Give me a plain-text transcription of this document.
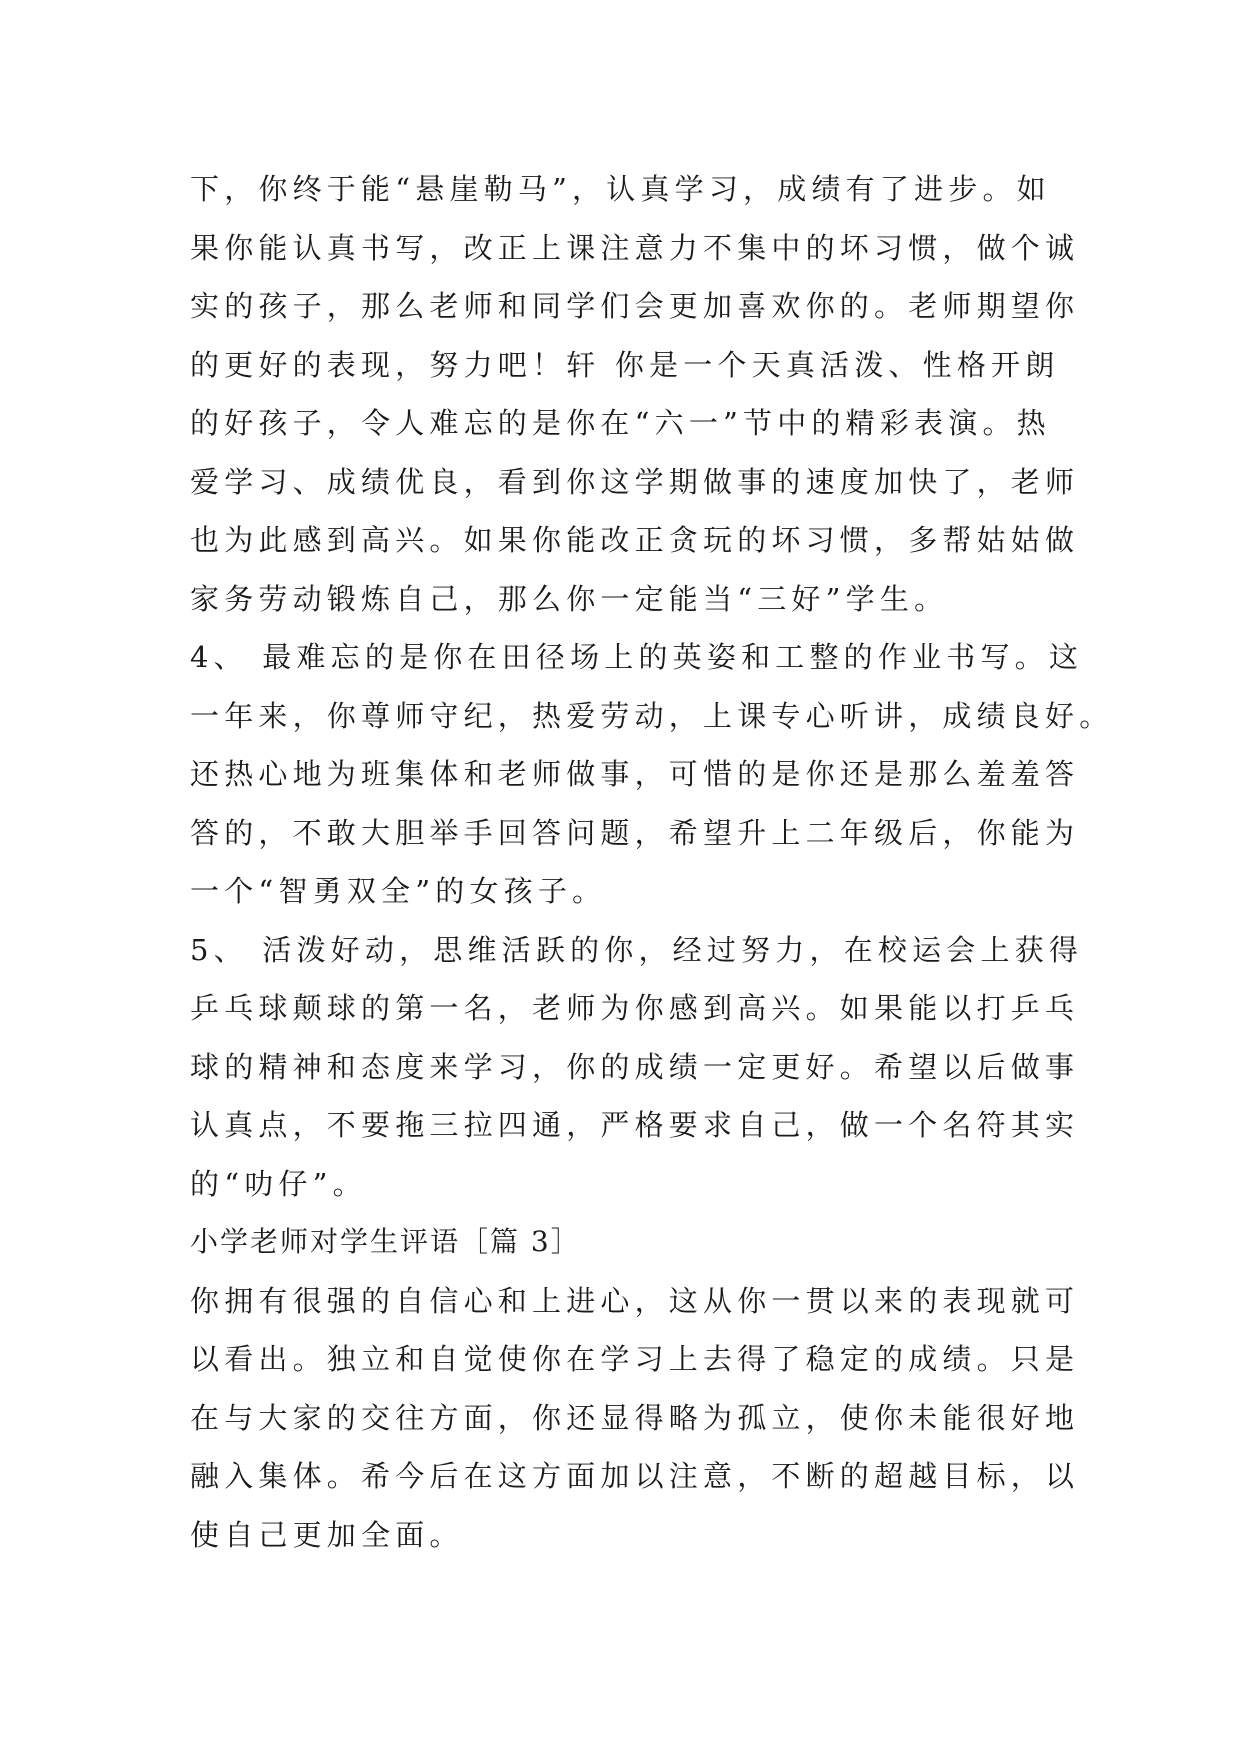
下，你终于能“悬崖勒马”，认真学习，成绩有了进步。如
果你能认真书写，改正上课注意力不集中的坏习惯，做个诚
实的孩子，那么老师和同学们会更加喜欢你的。老师期望你
的更好的表现，努力吧！轩 你是一个天真活泼、性格开朗
的好孩子，令人难忘的是你在“六一”节中的精彩表演。热
爱学习、成绩优良，看到你这学期做事的速度加快了，老师
也为此感到高兴。如果你能改正贪玩的坏习惯，多帮姑姑做
家务劳动锻炼自己，那么你一定能当“三好”学生。
4、 最难忘的是你在田径场上的英姿和工整的作业书写。这
一年来，你尊师守纪，热爱劳动，上课专心听讲，成绩良好。
还热心地为班集体和老师做事，可惜的是你还是那么羞羞答
答的，不敢大胆举手回答问题，希望升上二年级后，你能为
一个“智勇双全”的女孩子。
5、 活泼好动，思维活跃的你，经过努力，在校运会上获得
乒乓球颠球的第一名，老师为你感到高兴。如果能以打乒乓
球的精神和态度来学习，你的成绩一定更好。希望以后做事
认真点，不要拖三拉四通，严格要求自己，做一个名符其实
的“叻仔”。
小学老师对学生评语［篇 3］
你拥有很强的自信心和上进心，这从你一贯以来的表现就可
以看出。独立和自觉使你在学习上去得了稳定的成绩。只是
在与大家的交往方面，你还显得略为孤立，使你未能很好地
融入集体。希今后在这方面加以注意，不断的超越目标，以
使自己更加全面。
